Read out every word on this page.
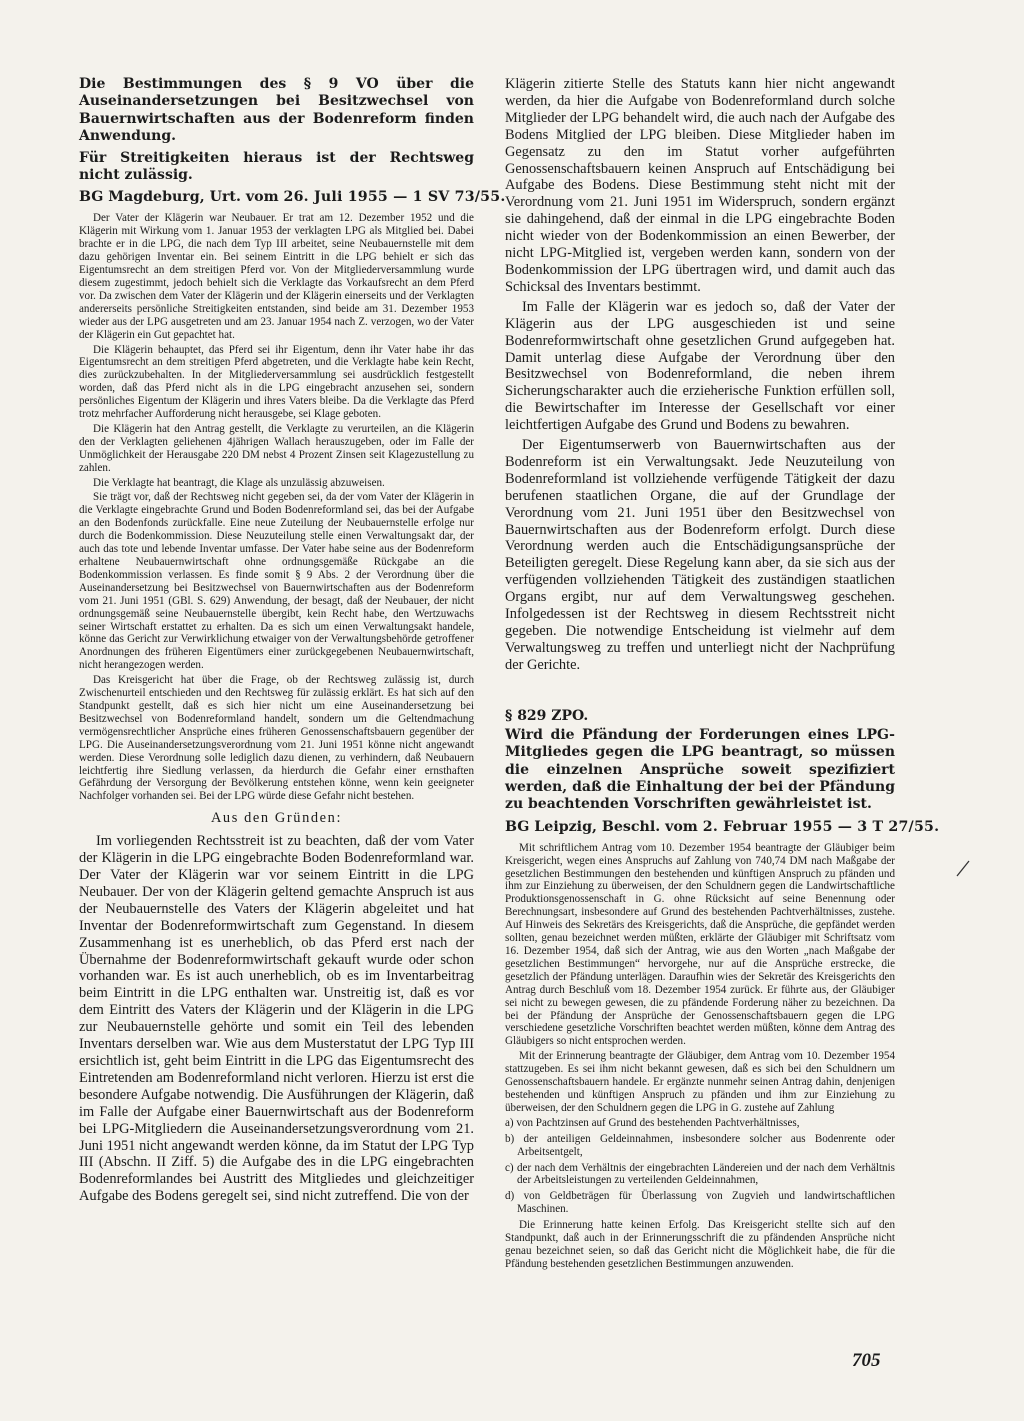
Die Bestimmungen des § 9 VO über die Auseinandersetzungen bei Besitzwechsel von Bauernwirtschaften aus der Bodenreform finden Anwendung.

Für Streitigkeiten hieraus ist der Rechtsweg nicht zulässig.

BG Magdeburg, Urt. vom 26. Juli 1955 — 1 SV 73/55.

Der Vater der Klägerin war Neubauer. Er trat am 12. Dezember 1952 und die Klägerin mit Wirkung vom 1. Januar 1953 der verklagten LPG als Mitglied bei. Dabei brachte er in die LPG, die nach dem Typ III arbeitet, seine Neubauernstelle mit dem dazu gehörigen Inventar ein. Bei seinem Eintritt in die LPG behielt er sich das Eigentumsrecht an dem streitigen Pferd vor. Von der Mitgliederversammlung wurde diesem zugestimmt, jedoch behielt sich die Verklagte das Vorkaufsrecht an dem Pferd vor. Da zwischen dem Vater der Klägerin und der Klägerin einerseits und der Verklagten andererseits persönliche Streitigkeiten entstanden, sind beide am 31. Dezember 1953 wieder aus der LPG ausgetreten und am 23. Januar 1954 nach Z. verzogen, wo der Vater der Klägerin ein Gut gepachtet hat.

Die Klägerin behauptet, das Pferd sei ihr Eigentum, denn ihr Vater habe ihr das Eigentumsrecht an dem streitigen Pferd abgetreten, und die Verklagte habe kein Recht, dies zurückzubehalten. In der Mitgliederversammlung sei ausdrücklich festgestellt worden, daß das Pferd nicht als in die LPG eingebracht anzusehen sei, sondern persönliches Eigentum der Klägerin und ihres Vaters bleibe. Da die Verklagte das Pferd trotz mehrfacher Aufforderung nicht herausgebe, sei Klage geboten.

Die Klägerin hat den Antrag gestellt, die Verklagte zu verurteilen, an die Klägerin den der Verklagten geliehenen 4jährigen Wallach herauszugeben, oder im Falle der Unmöglichkeit der Herausgabe 220 DM nebst 4 Prozent Zinsen seit Klagezustellung zu zahlen.

Die Verklagte hat beantragt, die Klage als unzulässig abzuweisen.

Sie trägt vor, daß der Rechtsweg nicht gegeben sei, da der vom Vater der Klägerin in die Verklagte eingebrachte Grund und Boden Bodenreformland sei, das bei der Aufgabe an den Bodenfonds zurückfalle. Eine neue Zuteilung der Neubauernstelle erfolge nur durch die Bodenkommission. Diese Neuzuteilung stelle einen Verwaltungsakt dar, der auch das tote und lebende Inventar umfasse. Der Vater habe seine aus der Bodenreform erhaltene Neubauernwirtschaft ohne ordnungsgemäße Rückgabe an die Bodenkommission verlassen. Es finde somit § 9 Abs. 2 der Verordnung über die Auseinandersetzung bei Besitzwechsel von Bauernwirtschaften aus der Bodenreform vom 21. Juni 1951 (GBl. S. 629) Anwendung, der besagt, daß der Neubauer, der nicht ordnungsgemäß seine Neubauernstelle übergibt, kein Recht habe, den Wertzuwachs seiner Wirtschaft erstattet zu erhalten. Da es sich um einen Verwaltungsakt handele, könne das Gericht zur Verwirklichung etwaiger von der Verwaltungsbehörde getroffener Anordnungen des früheren Eigentümers einer zurückgegebenen Neubauernwirtschaft, nicht herangezogen werden.

Das Kreisgericht hat über die Frage, ob der Rechtsweg zulässig ist, durch Zwischenurteil entschieden und den Rechtsweg für zulässig erklärt. Es hat sich auf den Standpunkt gestellt, daß es sich hier nicht um eine Auseinandersetzung bei Besitzwechsel von Bodenreformland handelt, sondern um die Geltendmachung vermögensrechtlicher Ansprüche eines früheren Genossenschaftsbauern gegenüber der LPG. Die Auseinandersetzungsverordnung vom 21. Juni 1951 könne nicht angewandt werden. Diese Verordnung solle lediglich dazu dienen, zu verhindern, daß Neubauern leichtfertig ihre Siedlung verlassen, da hierdurch die Gefahr einer ernsthaften Gefährdung der Versorgung der Bevölkerung entstehen könne, wenn kein geeigneter Nachfolger vorhanden sei. Bei der LPG würde diese Gefahr nicht bestehen.

Aus den Gründen:

Im vorliegenden Rechtsstreit ist zu beachten, daß der vom Vater der Klägerin in die LPG eingebrachte Boden Bodenreformland war. Der Vater der Klägerin war vor seinem Eintritt in die LPG Neubauer. Der von der Klägerin geltend gemachte Anspruch ist aus der Neubauernstelle des Vaters der Klägerin abgeleitet und hat Inventar der Bodenreformwirtschaft zum Gegenstand. In diesem Zusammenhang ist es unerheblich, ob das Pferd erst nach der Übernahme der Bodenreformwirtschaft gekauft wurde oder schon vorhanden war. Es ist auch unerheblich, ob es im Inventarbeitrag beim Eintritt in die LPG enthalten war. Unstreitig ist, daß es vor dem Eintritt des Vaters der Klägerin und der Klägerin in die LPG zur Neubauernstelle gehörte und somit ein Teil des lebenden Inventars derselben war. Wie aus dem Musterstatut der LPG Typ III ersichtlich ist, geht beim Eintritt in die LPG das Eigentumsrecht des Eintretenden am Bodenreformland nicht verloren. Hierzu ist erst die besondere Aufgabe notwendig. Die Ausführungen der Klägerin, daß im Falle der Aufgabe einer Bauernwirtschaft aus der Bodenreform bei LPG-Mitgliedern die Auseinandersetzungsverordnung vom 21. Juni 1951 nicht angewandt werden könne, da im Statut der LPG Typ III (Abschn. II Ziff. 5) die Aufgabe des in die LPG eingebrachten Bodenreformlandes bei Austritt des Mitgliedes und gleichzeitiger Aufgabe des Bodens geregelt sei, sind nicht zutreffend. Die von der

Klägerin zitierte Stelle des Statuts kann hier nicht angewandt werden, da hier die Aufgabe von Bodenreformland durch solche Mitglieder der LPG behandelt wird, die auch nach der Aufgabe des Bodens Mitglied der LPG bleiben. Diese Mitglieder haben im Gegensatz zu den im Statut vorher aufgeführten Genossenschaftsbauern keinen Anspruch auf Entschädigung bei Aufgabe des Bodens. Diese Bestimmung steht nicht mit der Verordnung vom 21. Juni 1951 im Widerspruch, sondern ergänzt sie dahingehend, daß der einmal in die LPG eingebrachte Boden nicht wieder von der Bodenkommission an einen Bewerber, der nicht LPG-Mitglied ist, vergeben werden kann, sondern von der Bodenkommission der LPG übertragen wird, und damit auch das Schicksal des Inventars bestimmt.

Im Falle der Klägerin war es jedoch so, daß der Vater der Klägerin aus der LPG ausgeschieden ist und seine Bodenreformwirtschaft ohne gesetzlichen Grund aufgegeben hat. Damit unterlag diese Aufgabe der Verordnung über den Besitzwechsel von Bodenreformland, die neben ihrem Sicherungscharakter auch die erzieherische Funktion erfüllen soll, die Bewirtschafter im Interesse der Gesellschaft vor einer leichtfertigen Aufgabe des Grund und Bodens zu bewahren.

Der Eigentumserwerb von Bauernwirtschaften aus der Bodenreform ist ein Verwaltungsakt. Jede Neuzuteilung von Bodenreformland ist vollziehende verfügende Tätigkeit der dazu berufenen staatlichen Organe, die auf der Grundlage der Verordnung vom 21. Juni 1951 über den Besitzwechsel von Bauernwirtschaften aus der Bodenreform erfolgt. Durch diese Verordnung werden auch die Entschädigungsansprüche der Beteiligten geregelt. Diese Regelung kann aber, da sie sich aus der verfügenden vollziehenden Tätigkeit des zuständigen staatlichen Organs ergibt, nur auf dem Verwaltungsweg geschehen. Infolgedessen ist der Rechtsweg in diesem Rechtsstreit nicht gegeben. Die notwendige Entscheidung ist vielmehr auf dem Verwaltungsweg zu treffen und unterliegt nicht der Nachprüfung der Gerichte.

§ 829 ZPO.

Wird die Pfändung der Forderungen eines LPG-Mitgliedes gegen die LPG beantragt, so müssen die einzelnen Ansprüche soweit spezifiziert werden, daß die Einhaltung der bei der Pfändung zu beachtenden Vorschriften gewährleistet ist.

BG Leipzig, Beschl. vom 2. Februar 1955 — 3 T 27/55.

Mit schriftlichem Antrag vom 10. Dezember 1954 beantragte der Gläubiger beim Kreisgericht, wegen eines Anspruchs auf Zahlung von 740,74 DM nach Maßgabe der gesetzlichen Bestimmungen den bestehenden und künftigen Anspruch zu pfänden und ihm zur Einziehung zu überweisen, der den Schuldnern gegen die Landwirtschaftliche Produktionsgenossenschaft in G. ohne Rücksicht auf seine Benennung oder Berechnungsart, insbesondere auf Grund des bestehenden Pachtverhältnisses, zustehe. Auf Hinweis des Sekretärs des Kreisgerichts, daß die Ansprüche, die gepfändet werden sollten, genau bezeichnet werden müßten, erklärte der Gläubiger mit Schriftsatz vom 16. Dezember 1954, daß sich der Antrag, wie aus den Worten „nach Maßgabe der gesetzlichen Bestimmungen“ hervorgehe, nur auf die Ansprüche erstrecke, die gesetzlich der Pfändung unterlägen. Daraufhin wies der Sekretär des Kreisgerichts den Antrag durch Beschluß vom 18. Dezember 1954 zurück. Er führte aus, der Gläubiger sei nicht zu bewegen gewesen, die zu pfändende Forderung näher zu bezeichnen. Da bei der Pfändung der Ansprüche der Genossenschaftsbauern gegen die LPG verschiedene gesetzliche Vorschriften beachtet werden müßten, könne dem Antrag des Gläubigers so nicht entsprochen werden.

Mit der Erinnerung beantragte der Gläubiger, dem Antrag vom 10. Dezember 1954 stattzugeben. Es sei ihm nicht bekannt gewesen, daß es sich bei den Schuldnern um Genossenschaftsbauern handele. Er ergänzte nunmehr seinen Antrag dahin, denjenigen bestehenden und künftigen Anspruch zu pfänden und ihm zur Einziehung zu überweisen, der den Schuldnern gegen die LPG in G. zustehe auf Zahlung

a) von Pachtzinsen auf Grund des bestehenden Pachtverhältnisses,

b) der anteiligen Geldeinnahmen, insbesondere solcher aus Bodenrente oder Arbeitsentgelt,

c) der nach dem Verhältnis der eingebrachten Ländereien und der nach dem Verhältnis der Arbeitsleistungen zu verteilenden Geldeinnahmen,

d) von Geldbeträgen für Überlassung von Zugvieh und landwirtschaftlichen Maschinen.

Die Erinnerung hatte keinen Erfolg. Das Kreisgericht stellte sich auf den Standpunkt, daß auch in der Erinnerungsschrift die zu pfändenden Ansprüche nicht genau bezeichnet seien, so daß das Gericht nicht die Möglichkeit habe, die für die Pfändung bestehenden gesetzlichen Bestimmungen anzuwenden.

705
